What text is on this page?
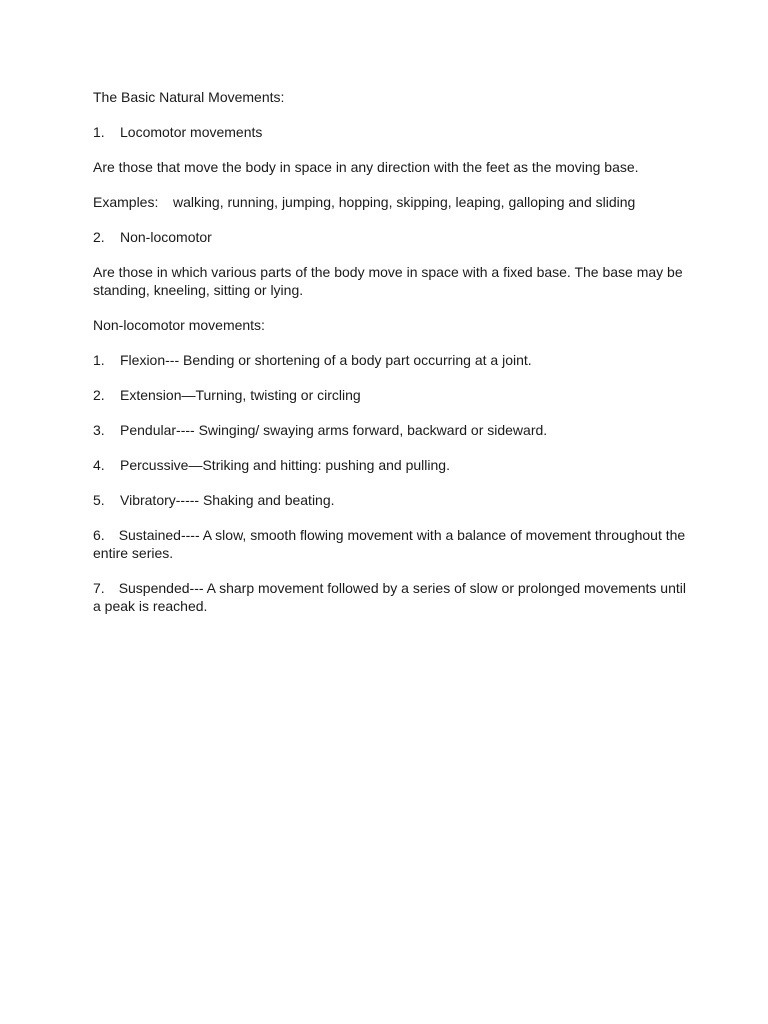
The Basic Natural Movements:

1.	Locomotor movements

Are those that move the body in space in any direction with the feet as the moving base.

Examples: walking, running, jumping, hopping, skipping, leaping, galloping and sliding

2.	Non-locomotor

Are those in which various parts of the body move in space with a fixed base. The base may be standing, kneeling, sitting or lying.

Non-locomotor movements:

1.	Flexion--- Bending or shortening of a body part occurring at a joint.
2.	Extension—Turning, twisting or circling
3.	Pendular---- Swinging/ swaying arms forward, backward or sideward.
4.	Percussive—Striking and hitting: pushing and pulling.
5.	Vibratory----- Shaking and beating.

6. Sustained---- A slow, smooth flowing movement with a balance of movement throughout the entire series.

7. Suspended--- A sharp movement followed by a series of slow or prolonged movements until a peak is reached.
